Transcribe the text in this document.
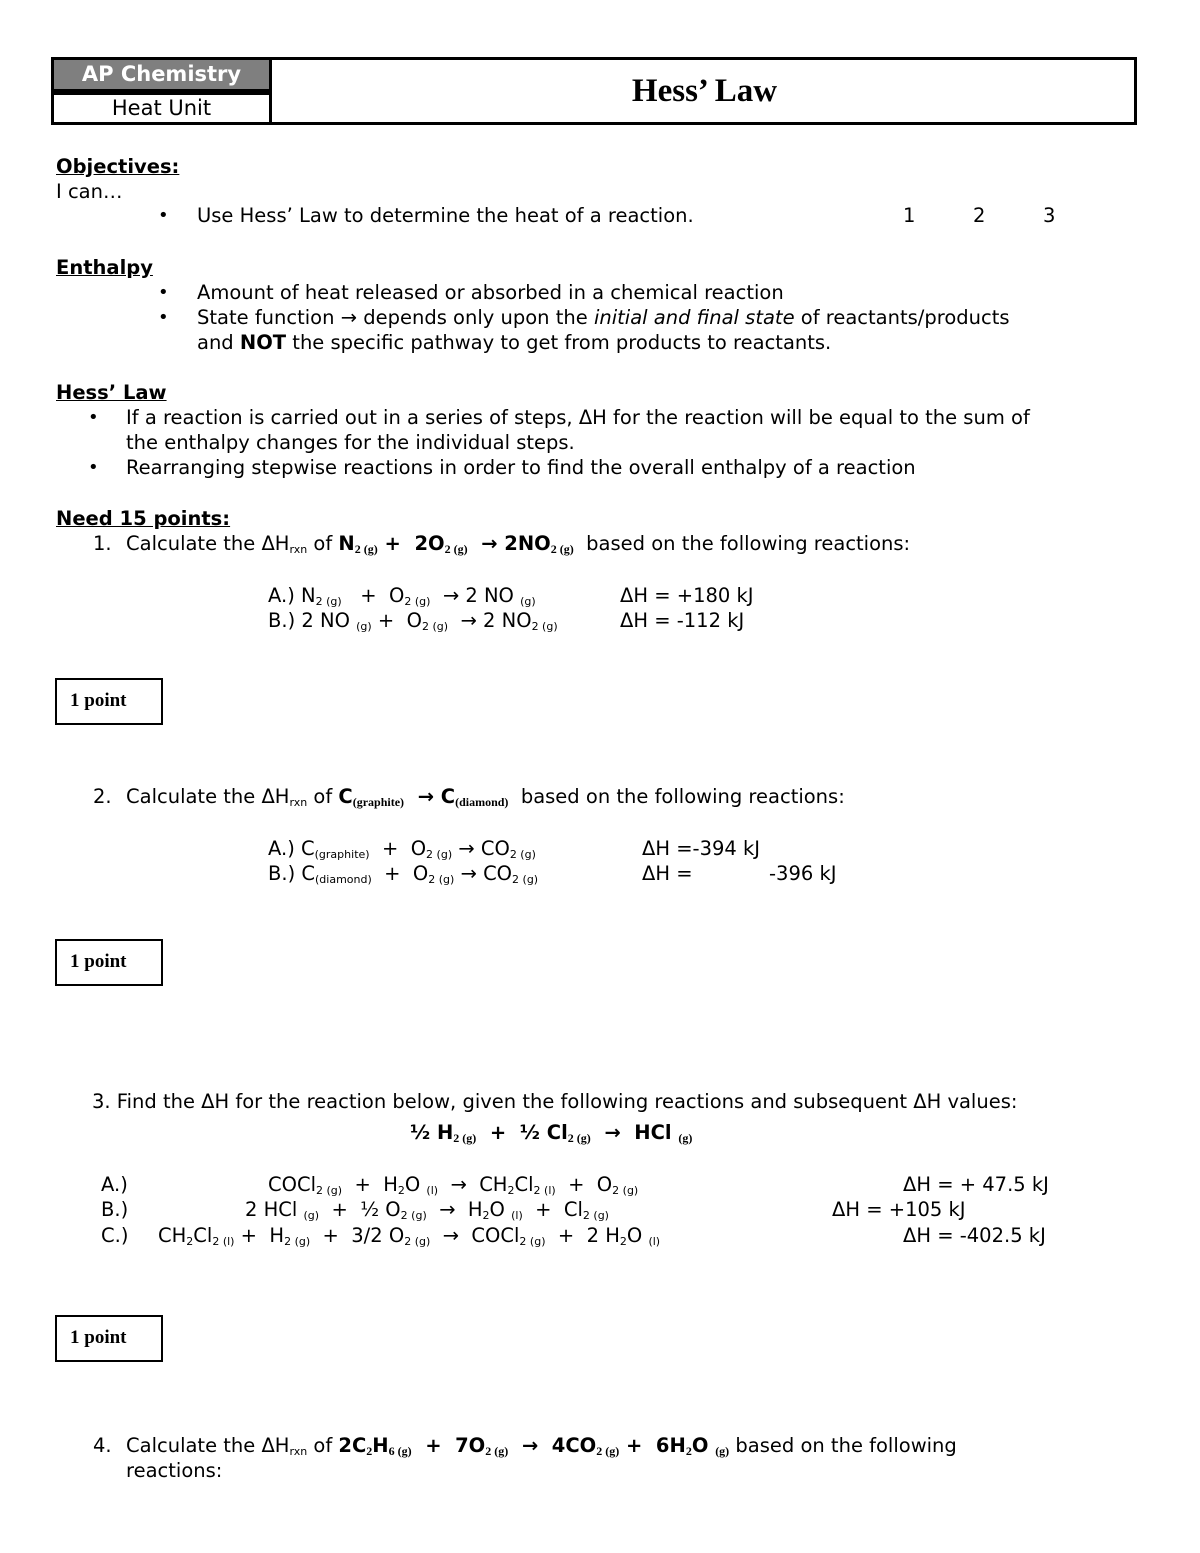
AP Chemistry
Heat Unit	Hess’ Law
Objectives:
I can…
• Use Hess’ Law to determine the heat of a reaction.	1	2	3
Enthalpy
• Amount of heat released or absorbed in a chemical reaction
• State function → depends only upon the initial and final state of reactants/products
and NOT the specific pathway to get from products to reactants.
Hess’ Law
• If a reaction is carried out in a series of steps, ΔH for the reaction will be equal to the sum of
the enthalpy changes for the individual steps.
• Rearranging stepwise reactions in order to find the overall enthalpy of a reaction
Need 15 points:
1. Calculate the $\Delta H_{rxn}$ of N2 (g) +  2O2 (g)  → 2NO2 (g)  based on the following reactions:
A.) $N_{2 (g)} + O_{2 (g)} \to 2$ NO $_{(g)}$	ΔH = +180 kJ
B.) 2 NO $_{(g)} + O_{2 (g)} \to 2$ $NO_{2 (g)}$	ΔH = -112 kJ
1 point
2. Calculate the $\Delta H_{rxn}$ of C(graphite)  → C(diamond)  based on the following reactions:
A.) $C_{(graphite)} + O_{2 (g)} \to CO_{2 (g)}$	ΔH =-394 kJ
B.) $C_{(diamond)} + O_{2 (g)} \to CO_{2 (g)}$	ΔH =	-396 kJ
1 point
3. Find the ΔH for the reaction below, given the following reactions and subsequent ΔH values:
½ H2 (g)  +  ½ Cl2 (g)  →  HCl (g)
A.)	COCl$_{2 (g)}$  +  $H_2O$ $_{(l)} \to CH_2Cl_{2 (l)} + O_{2 (g)}$	ΔH = + 47.5 kJ
B.)	2 HCl $_{(g)}$  +  ½ $O_{2 (g)} \to H_2O$ $_{(l)} + Cl_{2 (g)}$	ΔH = +105 kJ
C.) $CH_2Cl_{2 (l)} + H_{2 (g)} + 3/2$ $O_{2 (g)}$  →  COCl$_{2 (g)}$  +  2 $H_2O$ $_{(l)}$	ΔH = -402.5 kJ
1 point
4. Calculate the $\Delta H_{rxn}$ of 2C2H6 (g)  +  7O2 (g)  →  4CO2 (g) +  6H2O (g) based on the following
reactions:
